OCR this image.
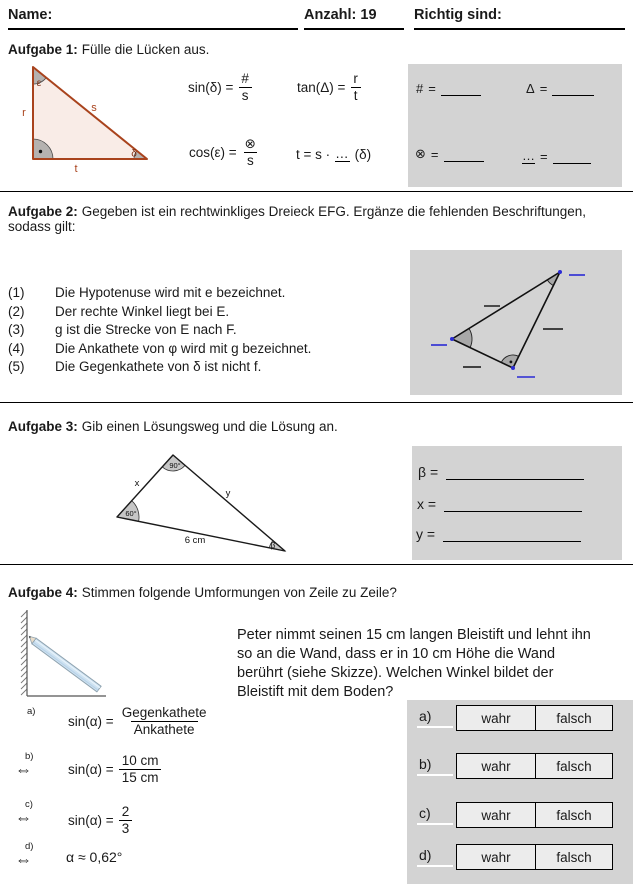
Name:	Anzahl: 19	Richtig sind:
Aufgabe 1: Fülle die Lücken aus.
ε
δ
r	s
t
$\sin(\delta) = \frac{\#}{s}$	$\tan(\Delta) = \frac{r}{t}$
$\cos(\varepsilon) = \frac{\otimes}{s}$	t = s · … (δ)
# =	Δ =
⊗ =	… =
Aufgabe 2: Gegeben ist ein rechtwinkliges Dreieck EFG. Ergänze die fehlenden Beschriftungen, sodass gilt:
(1)	Die Hypotenuse wird mit e bezeichnet.
(2)	Der rechte Winkel liegt bei E.
(3)	g ist die Strecke von E nach F.
(4)	Die Ankathete von φ wird mit g bezeichnet.
(5)	Die Gegenkathete von δ ist nicht f.
Aufgabe 3: Gib einen Lösungsweg und die Lösung an.
90°
60°
β
x
y
6 cm
β =
x =
y =
Aufgabe 4: Stimmen folgende Umformungen von Zeile zu Zeile?
Peter nimmt seinen 15 cm langen Bleistift und lehnt ihn so an die Wand, dass er in 10 cm Höhe die Wand berührt (siehe Skizze). Welchen Winkel bildet der Bleistift mit dem Boden?
a)
$\sin(\alpha) = \frac{\text{Gegenkathete}}{\text{Ankathete}}$
b)
⇔	$\sin(\alpha) = \frac{10 cm}{15 cm}$
c)
⇔	$\sin(\alpha) = \frac{2}{3}$
d)
⇔ α ≈ 0,62°
a)	wahr	falsch
b)	wahr	falsch
c)	wahr	falsch
d)	wahr	falsch
